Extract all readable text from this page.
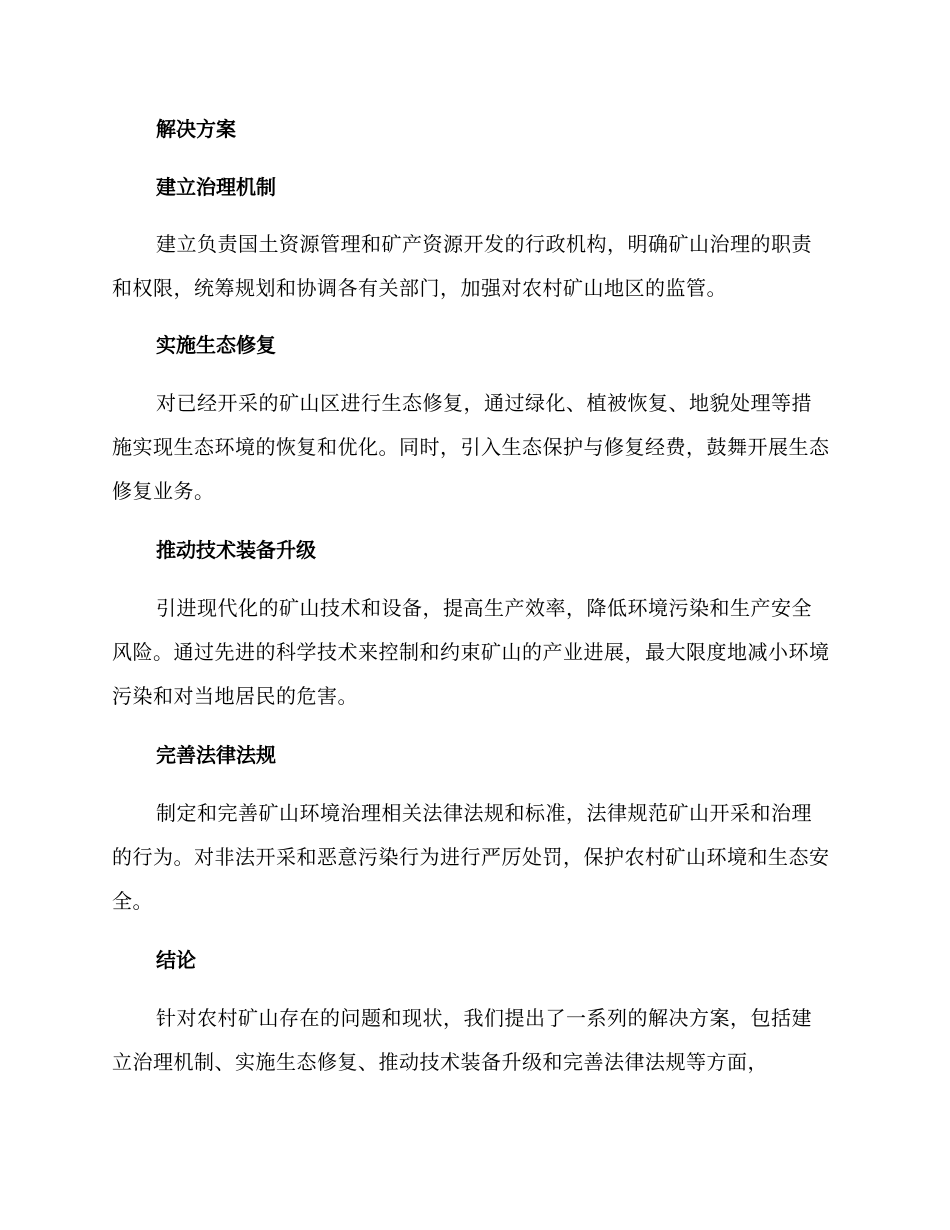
解决方案
建立治理机制

建立负责国土资源管理和矿产资源开发的行政机构，明确矿山治理的职责和权限，统筹规划和协调各有关部门，加强对农村矿山地区的监管。

实施生态修复

对已经开采的矿山区进行生态修复，通过绿化、植被恢复、地貌处理等措施实现生态环境的恢复和优化。同时，引入生态保护与修复经费，鼓舞开展生态修复业务。

推动技术装备升级

引进现代化的矿山技术和设备，提高生产效率，降低环境污染和生产安全风险。通过先进的科学技术来控制和约束矿山的产业进展，最大限度地减小环境污染和对当地居民的危害。

完善法律法规

制定和完善矿山环境治理相关法律法规和标准，法律规范矿山开采和治理的行为。对非法开采和恶意污染行为进行严厉处罚，保护农村矿山环境和生态安全。

结论

针对农村矿山存在的问题和现状，我们提出了一系列的解决方案，包括建立治理机制、实施生态修复、推动技术装备升级和完善法律法规等方面，
